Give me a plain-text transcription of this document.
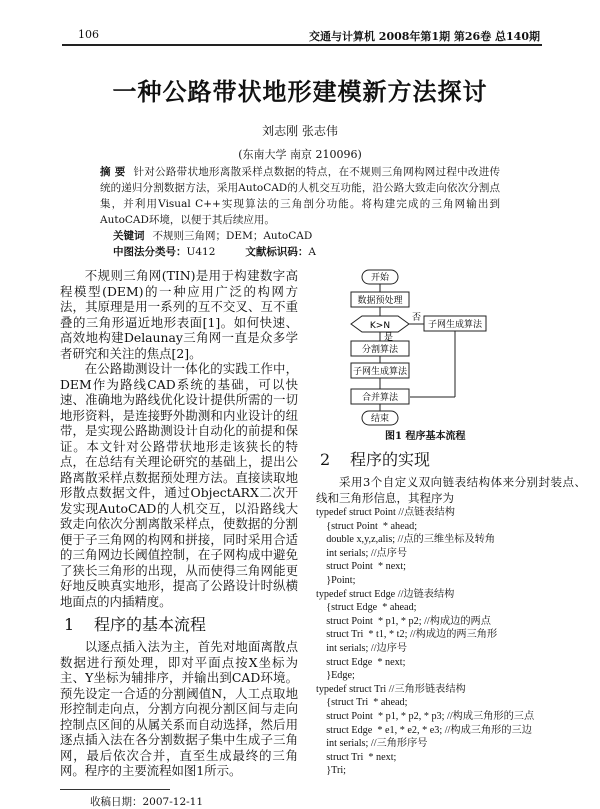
106	交通与计算机 2008年第1期 第26卷 总140期
一种公路带状地形建模新方法探讨
刘志刚 张志伟
(东南大学 南京 210096)
摘 要 针对公路带状地形离散采样点数据的特点，在不规则三角网构网过程中改进传统的递归分割数据方法，采用AutoCAD的人机交互功能，沿公路大致走向依次分割点集，并利用Visual C++实现算法的三角剖分功能。将构建完成的三角网输出到AutoCAD环境，以便于其后续应用。
关键词 不规则三角网；DEM；AutoCAD
中图法分类号：U412	文献标识码：A

不规则三角网(TIN)是用于构建数字高程模型(DEM)的一种应用广泛的构网方法，其原理是用一系列的互不交叉、互不重叠的三角形逼近地形表面[1]。如何快速、高效地构建Delaunay三角网一直是众多学者研究和关注的焦点[2]。

在公路勘测设计一体化的实践工作中，DEM作为路线CAD系统的基础，可以快速、准确地为路线优化设计提供所需的一切地形资料，是连接野外勘测和内业设计的纽带，是实现公路勘测设计自动化的前提和保证。本文针对公路带状地形走该狭长的特点，在总结有关理论研究的基础上，提出公路离散采样点数据预处理方法。直接读取地形散点数据文件，通过ObjectARX二次开发实现AutoCAD的人机交互，以沿路线大致走向依次分割离散采样点，使数据的分割便于子三角网的构网和拼接，同时采用合适的三角网边长阈值控制，在子网构成中避免了狭长三角形的出现，从而使得三角网能更好地反映真实地形，提高了公路设计时纵横地面点的内插精度。

1 程序的基本流程

以逐点插入法为主，首先对地面离散点数据进行预处理，即对平面点按X坐标为主、Y坐标为辅排序，并输出到CAD环境。预先设定一合适的分割阈值N，人工点取地形控制走向点，分割方向视分割区间与走向控制点区间的从属关系而自动选择，然后用逐点插入法在各分割数据子集中生成子三角网，最后依次合并，直至生成最终的三角网。程序的主要流程如图1所示。

收稿日期：2007-12-11
开始
数据预处理
K>N
否
子网生成算法
是
分割算法
子网生成算法
合并算法
结束
图1 程序基本流程
2 程序的实现

采用3个自定义双向链表结构体来分别封装点、线和三角形信息，其程序为

typedef struct Point //点链表结构
{struct Point  * ahead;
double x,y,z,alis; //点的三维坐标及转角
int serials; //点序号
struct Point  * next;
}Point;
typedef struct Edge //边链表结构
{struct Edge  * ahead;
struct Point  * p1, * p2; //构成边的两点
struct Tri  * t1, * t2; //构成边的两三角形
int serials; //边序号
struct Edge  * next;
}Edge;
typedef struct Tri //三角形链表结构
{struct Tri  * ahead;
struct Point  * p1, * p2, * p3; //构成三角形的三点
struct Edge  * e1, * e2, * e3; //构成三角形的三边
int serials; //三角形序号
struct Tri  * next;
}Tri;
